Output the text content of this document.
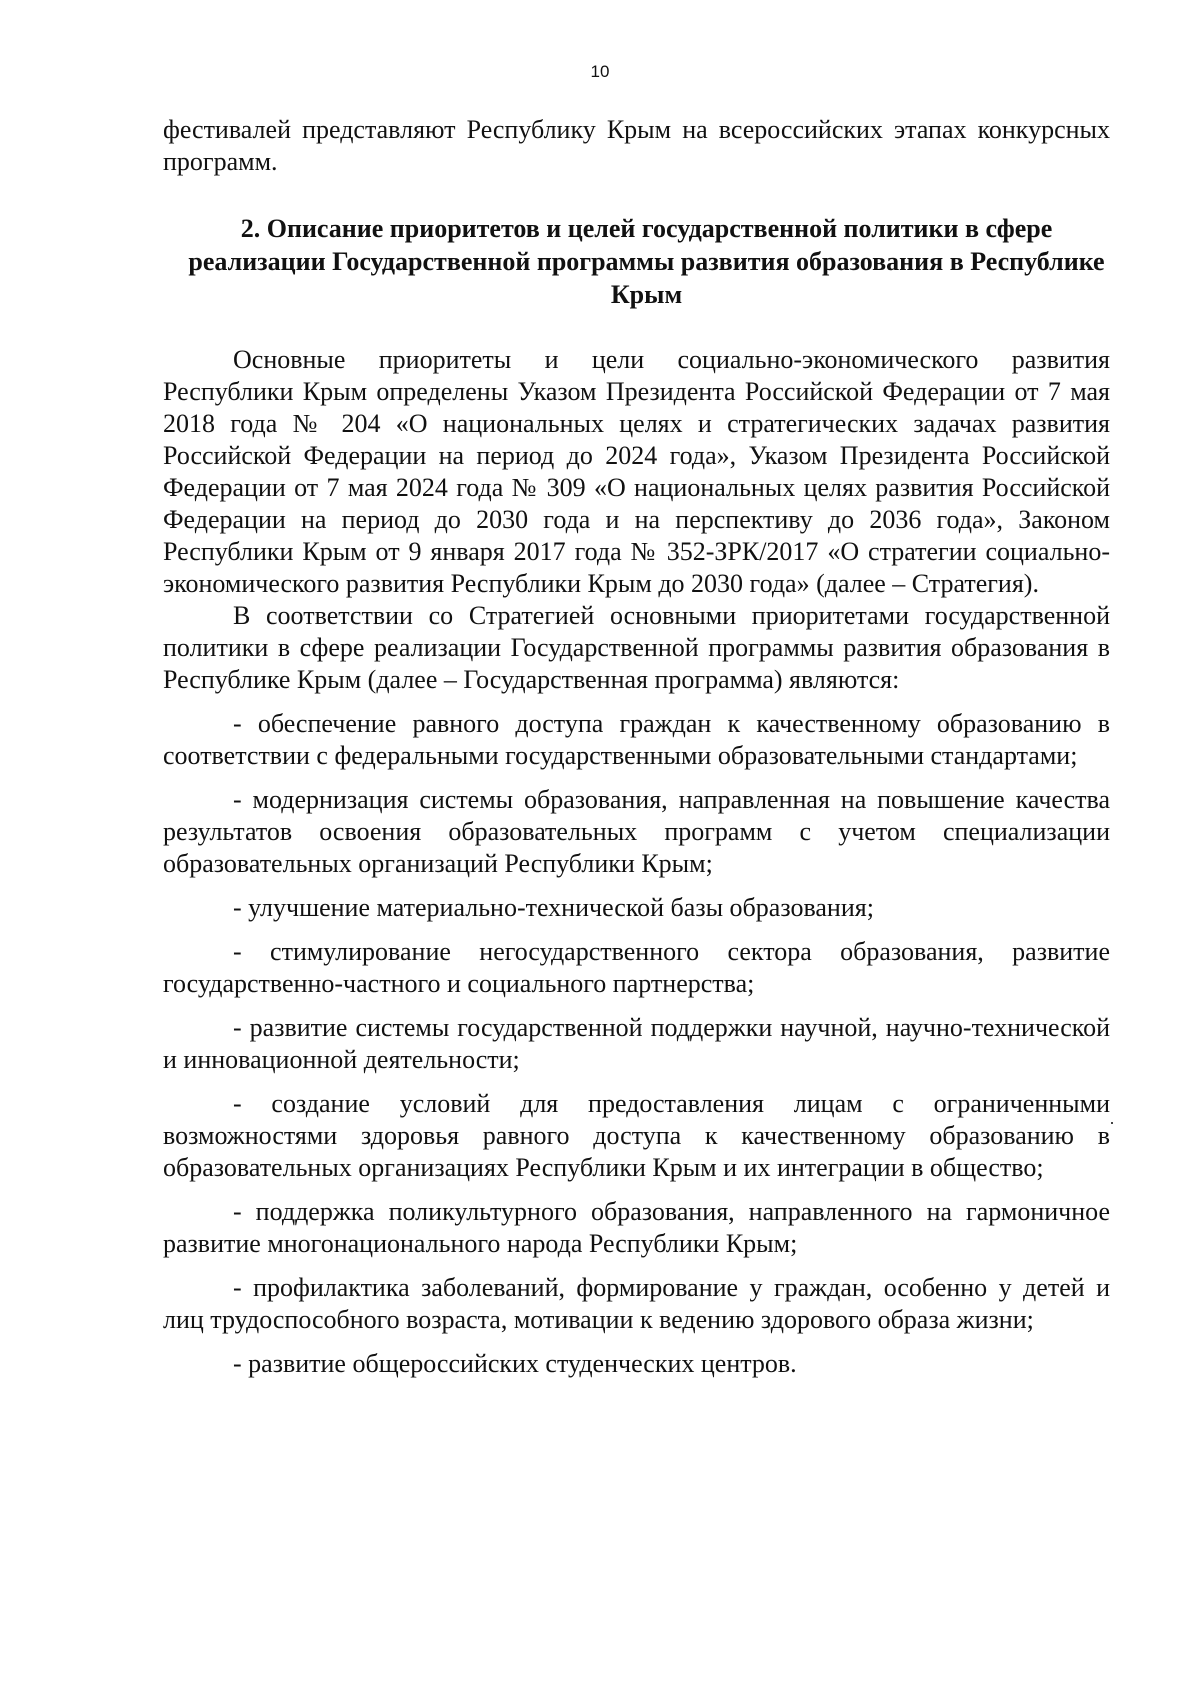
10

фестивалей представляют Республику Крым на всероссийских этапах конкурсных программ.

2. Описание приоритетов и целей государственной политики в сфере реализации Государственной программы развития образования в Республике Крым

Основные приоритеты и цели социально-экономического развития Республики Крым определены Указом Президента Российской Федерации от 7 мая 2018 года № 204 «О национальных целях и стратегических задачах развития Российской Федерации на период до 2024 года», Указом Президента Российской Федерации от 7 мая 2024 года № 309 «О национальных целях развития Российской Федерации на период до 2030 года и на перспективу до 2036 года», Законом Республики Крым от 9 января 2017 года № 352-ЗРК/2017 «О стратегии социально-экономического развития Республики Крым до 2030 года» (далее – Стратегия).

В соответствии со Стратегией основными приоритетами государственной политики в сфере реализации Государственной программы развития образования в Республике Крым (далее – Государственная программа) являются:

- обеспечение равного доступа граждан к качественному образованию в соответствии с федеральными государственными образовательными стандартами;

- модернизация системы образования, направленная на повышение качества результатов освоения образовательных программ с учетом специализации образовательных организаций Республики Крым;

- улучшение материально-технической базы образования;

- стимулирование негосударственного сектора образования, развитие государственно-частного и социального партнерства;

- развитие системы государственной поддержки научной, научно-технической и инновационной деятельности;

- создание условий для предоставления лицам с ограниченными возможностями здоровья равного доступа к качественному образованию в образовательных организациях Республики Крым и их интеграции в общество;

- поддержка поликультурного образования, направленного на гармоничное развитие многонационального народа Республики Крым;

- профилактика заболеваний, формирование у граждан, особенно у детей и лиц трудоспособного возраста, мотивации к ведению здорового образа жизни;

- развитие общероссийских студенческих центров.
